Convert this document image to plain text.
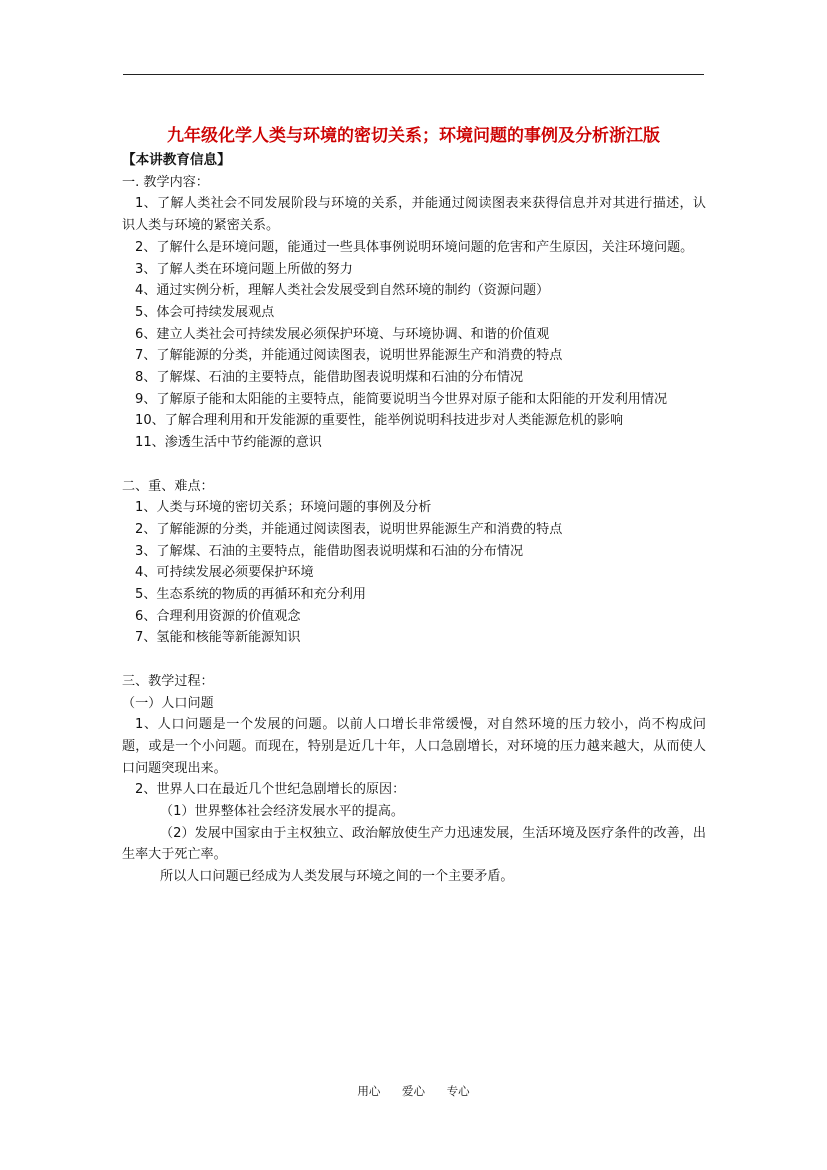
九年级化学人类与环境的密切关系；环境问题的事例及分析浙江版

【本讲教育信息】

一. 教学内容：

1、了解人类社会不同发展阶段与环境的关系，并能通过阅读图表来获得信息并对其进行描述，认识人类与环境的紧密关系。

2、了解什么是环境问题，能通过一些具体事例说明环境问题的危害和产生原因，关注环境问题。

3、了解人类在环境问题上所做的努力

4、通过实例分析，理解人类社会发展受到自然环境的制约（资源问题）

5、体会可持续发展观点

6、建立人类社会可持续发展必须保护环境、与环境协调、和谐的价值观

7、了解能源的分类，并能通过阅读图表，说明世界能源生产和消费的特点

8、了解煤、石油的主要特点，能借助图表说明煤和石油的分布情况

9、了解原子能和太阳能的主要特点，能简要说明当今世界对原子能和太阳能的开发利用情况

10、了解合理利用和开发能源的重要性，能举例说明科技进步对人类能源危机的影响

11、渗透生活中节约能源的意识

二、重、难点：

1、人类与环境的密切关系；环境问题的事例及分析

2、了解能源的分类，并能通过阅读图表，说明世界能源生产和消费的特点

3、了解煤、石油的主要特点，能借助图表说明煤和石油的分布情况

4、可持续发展必须要保护环境

5、生态系统的物质的再循环和充分利用

6、合理利用资源的价值观念

7、氢能和核能等新能源知识

三、教学过程：

（一）人口问题

1、人口问题是一个发展的问题。以前人口增长非常缓慢，对自然环境的压力较小，尚不构成问题，或是一个小问题。而现在，特别是近几十年，人口急剧增长，对环境的压力越来越大，从而使人口问题突现出来。

2、世界人口在最近几个世纪急剧增长的原因：

（1）世界整体社会经济发展水平的提高。

（2）发展中国家由于主权独立、政治解放使生产力迅速发展，生活环境及医疗条件的改善，出生率大于死亡率。

所以人口问题已经成为人类发展与环境之间的一个主要矛盾。

用心 爱心 专心
